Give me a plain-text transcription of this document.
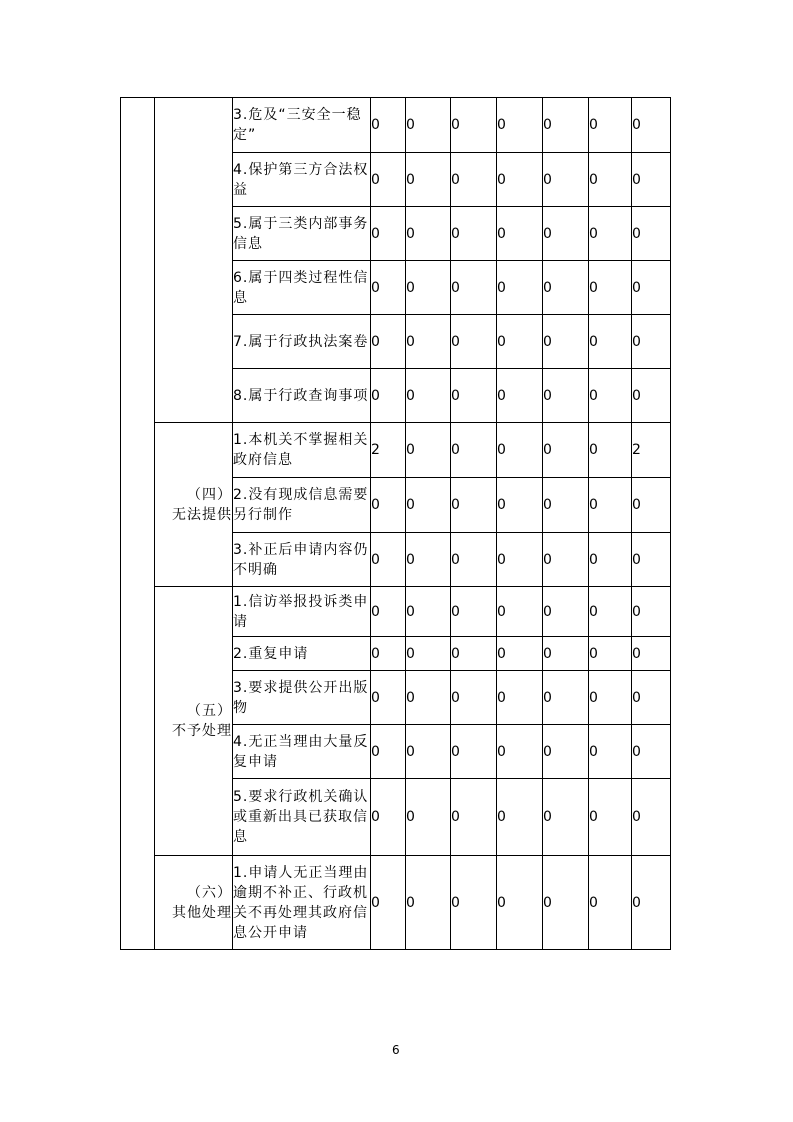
	3.危及“三安全一稳定”	0	0	0	0	0	0	0
		4.保护第三方合法权益	0	0	0	0	0	0	0
		5.属于三类内部事务信息	0	0	0	0	0	0	0
		6.属于四类过程性信息	0	0	0	0	0	0	0
		7.属于行政执法案卷	0	0	0	0	0	0	0
		8.属于行政查询事项	0	0	0	0	0	0	0

	（四）
无法提供	1.本机关不掌握相关政府信息	2	0	0	0	0	0	2
		2.没有现成信息需要另行制作	0	0	0	0	0	0	0
		3.补正后申请内容仍不明确	0	0	0	0	0	0	0

	（五）
不予处理	1.信访举报投诉类申请	0	0	0	0	0	0	0
		2.重复申请	0	0	0	0	0	0	0
		3.要求提供公开出版物	0	0	0	0	0	0	0
		4.无正当理由大量反复申请	0	0	0	0	0	0	0
		5.要求行政机关确认或重新出具已获取信息	0	0	0	0	0	0	0

	（六）
其他处理	1.申请人无正当理由逾期不补正、行政机关不再处理其政府信息公开申请	0	0	0	0	0	0	0
6
